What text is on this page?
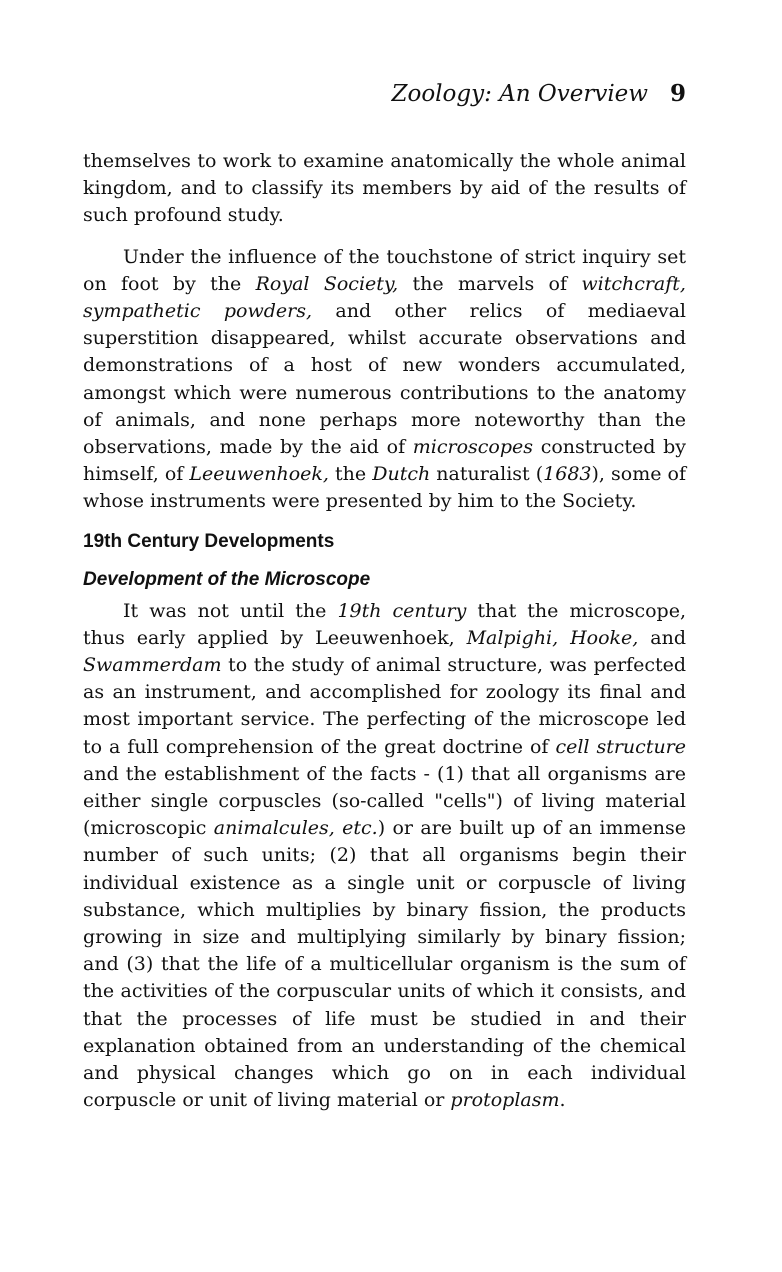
Zoology: An Overview 9

themselves to work to examine anatomically the whole animal kingdom, and to classify its members by aid of the results of such profound study.

Under the influence of the touchstone of strict inquiry set on foot by the Royal Society, the marvels of witchcraft, sympathetic powders, and other relics of mediaeval superstition disappeared, whilst accurate observations and demonstrations of a host of new wonders accumulated, amongst which were numerous contributions to the anatomy of animals, and none perhaps more noteworthy than the observations, made by the aid of microscopes constructed by himself, of Leeuwenhoek, the Dutch naturalist (1683), some of whose instruments were presented by him to the Society.

19th Century Developments
Development of the Microscope

It was not until the 19th century that the microscope, thus early applied by Leeuwenhoek, Malpighi, Hooke, and Swammerdam to the study of animal structure, was perfected as an instrument, and accomplished for zoology its final and most important service. The perfecting of the microscope led to a full comprehension of the great doctrine of cell structure and the establishment of the facts - (1) that all organisms are either single corpuscles (so-called "cells") of living material (microscopic animalcules, etc.) or are built up of an immense number of such units; (2) that all organisms begin their individual existence as a single unit or corpuscle of living substance, which multiplies by binary fission, the products growing in size and multiplying similarly by binary fission; and (3) that the life of a multicellular organism is the sum of the activities of the corpuscular units of which it consists, and that the processes of life must be studied in and their explanation obtained from an understanding of the chemical and physical changes which go on in each individual corpuscle or unit of living material or protoplasm.
